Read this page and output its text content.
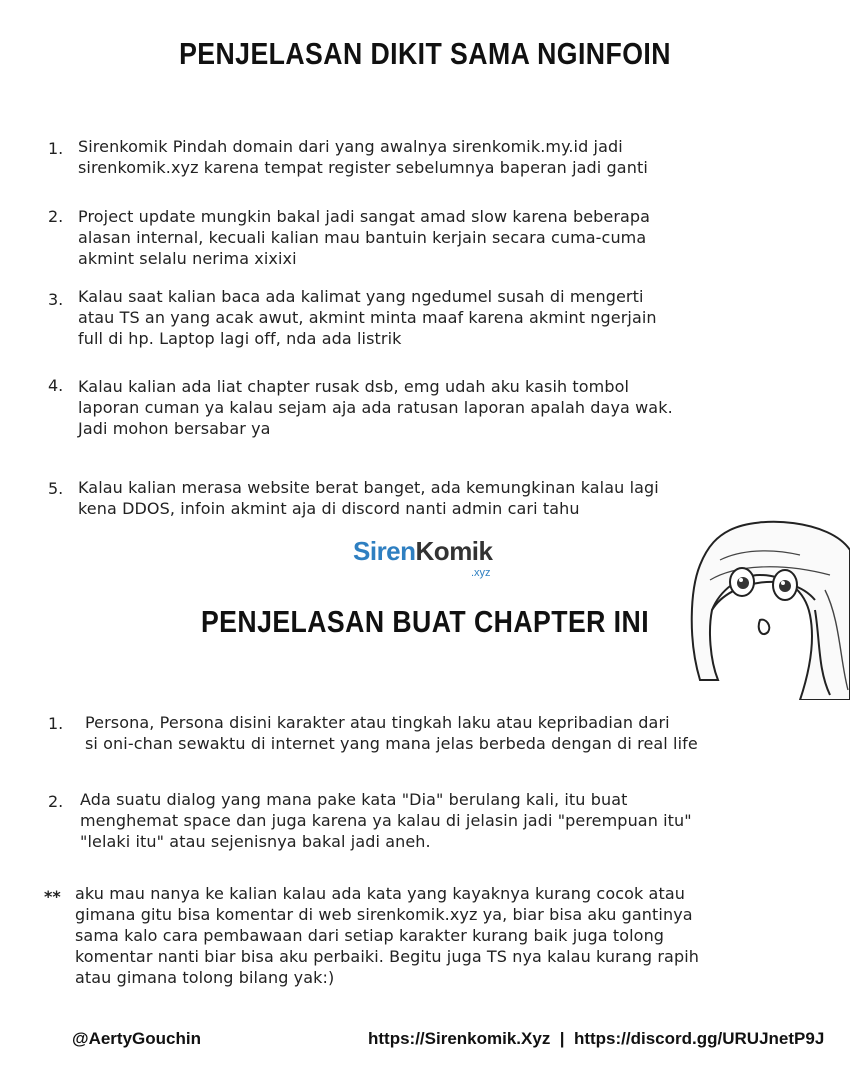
PENJELASAN DIKIT SAMA NGINFOIN
1. Sirenkomik Pindah domain dari yang awalnya sirenkomik.my.id jadi
sirenkomik.xyz karena tempat register sebelumnya baperan jadi ganti
2. Project update mungkin bakal jadi sangat amad slow karena beberapa
alasan internal, kecuali kalian mau bantuin kerjain secara cuma-cuma
akmint selalu nerima xixixi
3. Kalau saat kalian baca ada kalimat yang ngedumel susah di mengerti
atau TS an yang acak awut, akmint minta maaf karena akmint ngerjain
full di hp. Laptop lagi off, nda ada listrik
4. Kalau kalian ada liat chapter rusak dsb, emg udah aku kasih tombol
laporan cuman ya kalau sejam aja ada ratusan laporan apalah daya wak.
Jadi mohon bersabar ya
5. Kalau kalian merasa website berat banget, ada kemungkinan kalau lagi
kena DDOS, infoin akmint aja di discord nanti admin cari tahu
SirenKomik
.xyz
PENJELASAN BUAT CHAPTER INI
1. Persona, Persona disini karakter atau tingkah laku atau kepribadian dari
si oni-chan sewaktu di internet yang mana jelas berbeda dengan di real life
2. Ada suatu dialog yang mana pake kata "Dia" berulang kali, itu buat
menghemat space dan juga karena ya kalau di jelasin jadi "perempuan itu"
"lelaki itu" atau sejenisnya bakal jadi aneh.
** aku mau nanya ke kalian kalau ada kata yang kayaknya kurang cocok atau
gimana gitu bisa komentar di web sirenkomik.xyz ya, biar bisa aku gantinya
sama kalo cara pembawaan dari setiap karakter kurang baik juga tolong
komentar nanti biar bisa aku perbaiki. Begitu juga TS nya kalau kurang rapih
atau gimana tolong bilang yak:)
@AertyGouchin	https://Sirenkomik.Xyz  |  https://discord.gg/URUJnetP9J
